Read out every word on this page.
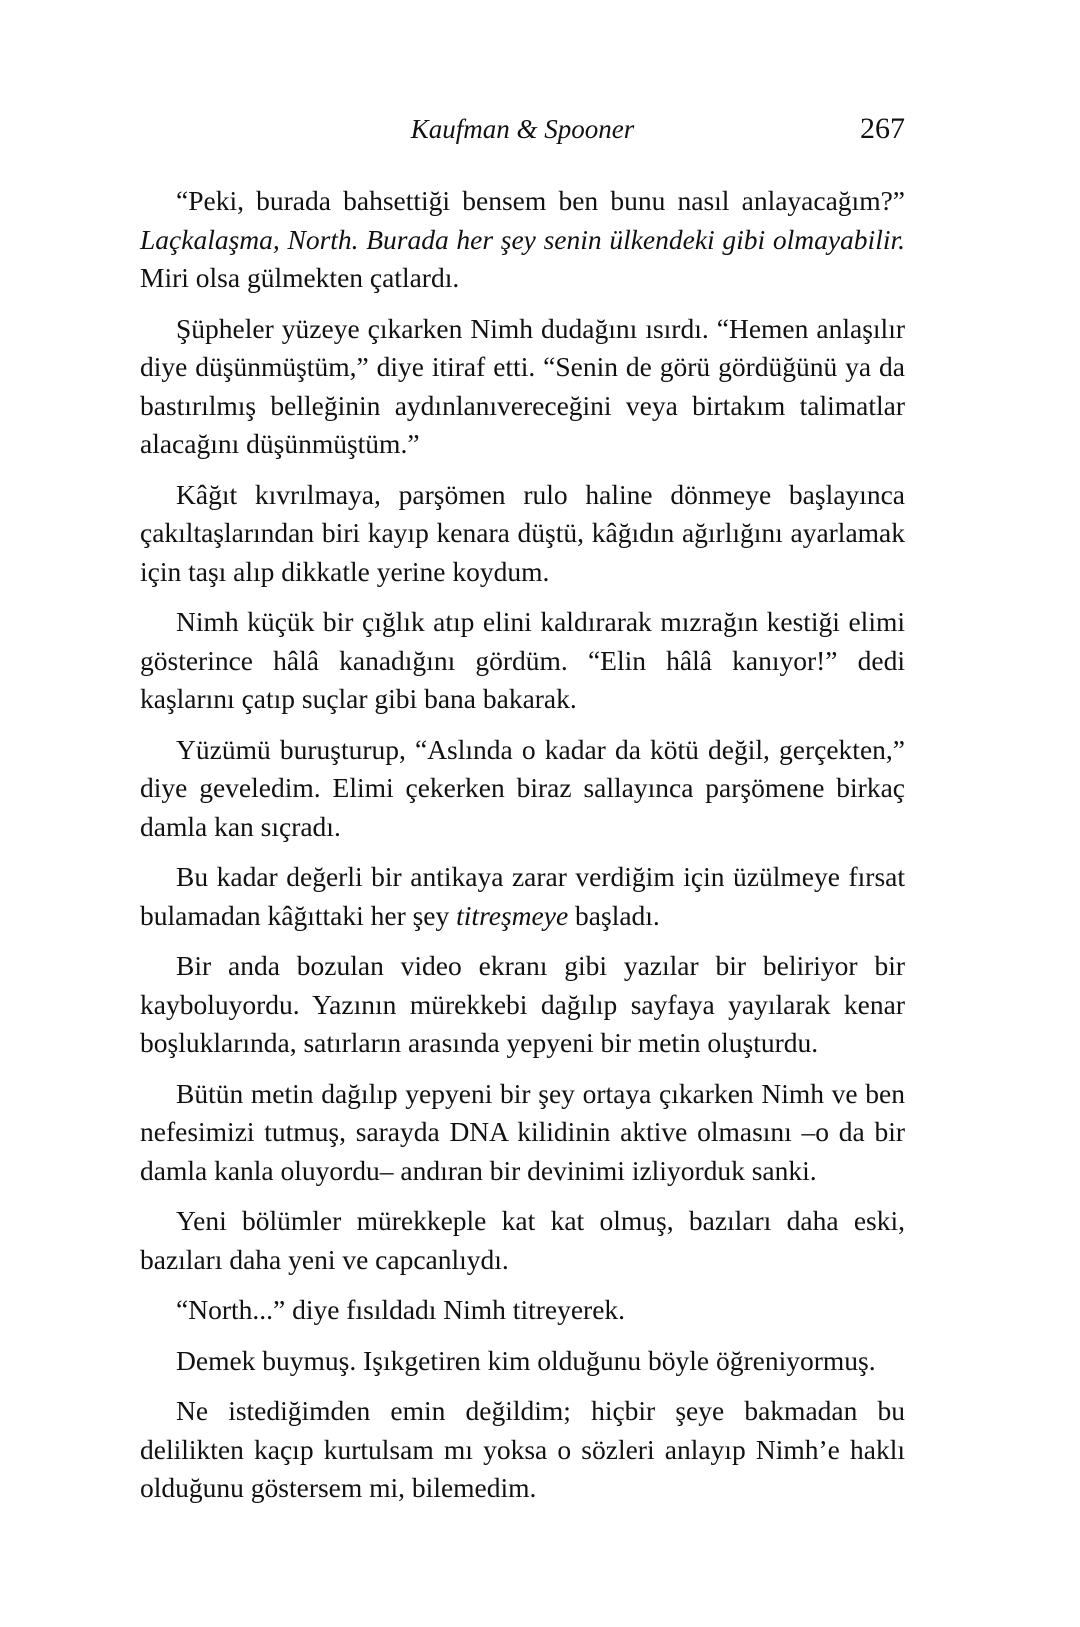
Kaufman & Spooner	267

“Peki, burada bahsettiği bensem ben bunu nasıl anlayacağım?” Laçkalaşma, North. Burada her şey senin ülkendeki gibi olmayabilir. Miri olsa gülmekten çatlardı.

Şüpheler yüzeye çıkarken Nimh dudağını ısırdı. “Hemen anlaşılır diye düşünmüştüm,” diye itiraf etti. “Senin de görü gördüğünü ya da bastırılmış belleğinin aydınlanıvereceğini veya birtakım talimatlar alacağını düşünmüştüm.”

Kâğıt kıvrılmaya, parşömen rulo haline dönmeye başlayınca çakıltaşlarından biri kayıp kenara düştü, kâğıdın ağırlığını ayarlamak için taşı alıp dikkatle yerine koydum.

Nimh küçük bir çığlık atıp elini kaldırarak mızrağın kestiği elimi gösterince hâlâ kanadığını gördüm. “Elin hâlâ kanıyor!” dedi kaşlarını çatıp suçlar gibi bana bakarak.

Yüzümü buruşturup, “Aslında o kadar da kötü değil, gerçekten,” diye geveledim. Elimi çekerken biraz sallayınca parşömene birkaç damla kan sıçradı.

Bu kadar değerli bir antikaya zarar verdiğim için üzülmeye fırsat bulamadan kâğıttaki her şey titreşmeye başladı.

Bir anda bozulan video ekranı gibi yazılar bir beliriyor bir kayboluyordu. Yazının mürekkebi dağılıp sayfaya yayılarak kenar boşluklarında, satırların arasında yepyeni bir metin oluşturdu.

Bütün metin dağılıp yepyeni bir şey ortaya çıkarken Nimh ve ben nefesimizi tutmuş, sarayda DNA kilidinin aktive olmasını –o da bir damla kanla oluyordu– andıran bir devinimi izliyorduk sanki.

Yeni bölümler mürekkeple kat kat olmuş, bazıları daha eski, bazıları daha yeni ve capcanlıydı.

“North...” diye fısıldadı Nimh titreyerek.

Demek buymuş. Işıkgetiren kim olduğunu böyle öğreniyormuş.

Ne istediğimden emin değildim; hiçbir şeye bakmadan bu delilikten kaçıp kurtulsam mı yoksa o sözleri anlayıp Nimh’e haklı olduğunu göstersem mi, bilemedim.
